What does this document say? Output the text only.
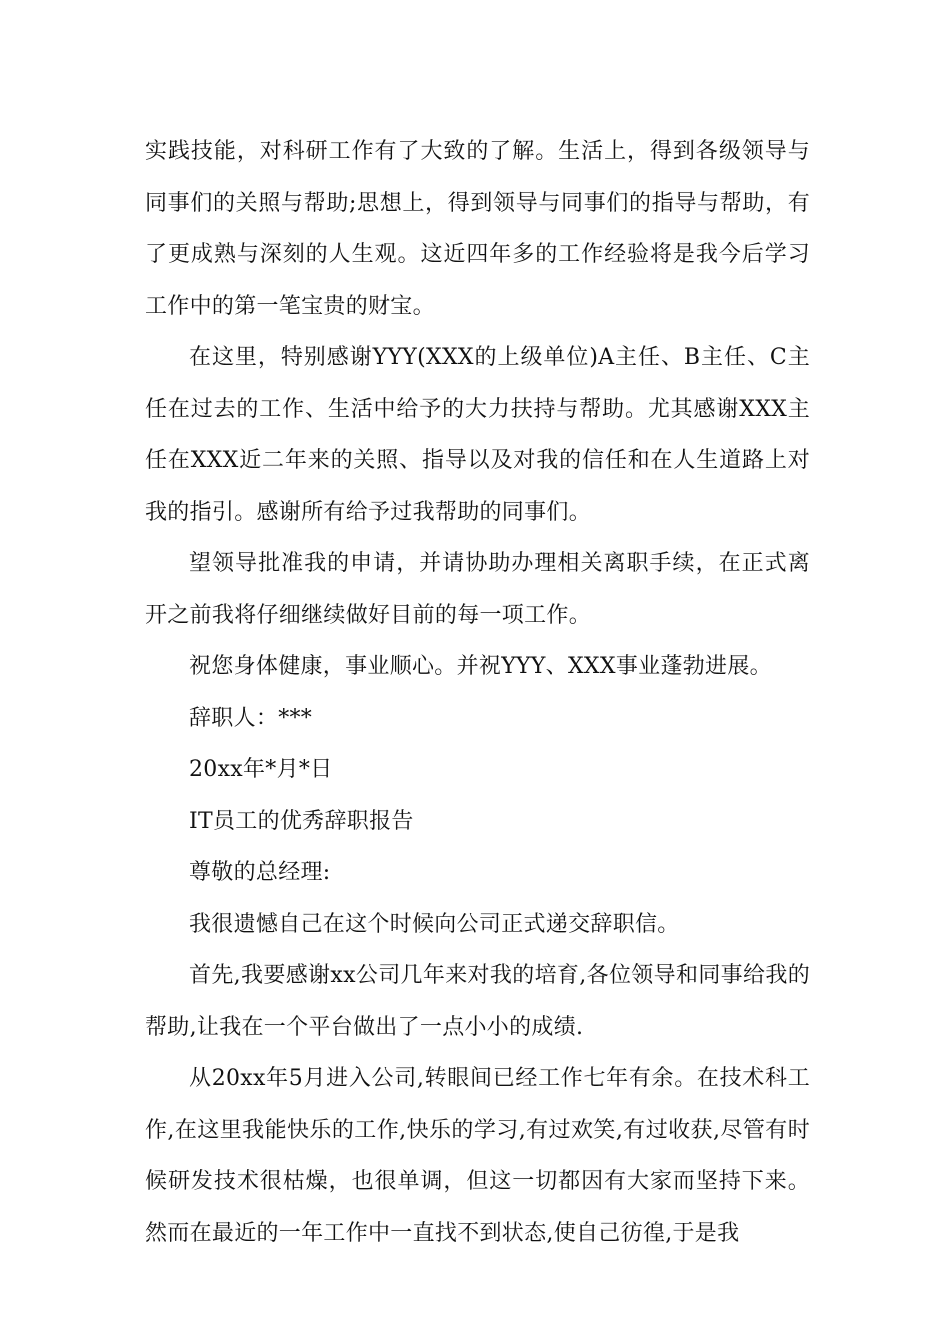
实践技能，对科研工作有了大致的了解。生活上，得到各级领导与同事们的关照与帮助;思想上，得到领导与同事们的指导与帮助，有了更成熟与深刻的人生观。这近四年多的工作经验将是我今后学习工作中的第一笔宝贵的财宝。

在这里，特别感谢YYY(XXX的上级单位)A主任、B主任、C主任在过去的工作、生活中给予的大力扶持与帮助。尤其感谢XXX主任在XXX近二年来的关照、指导以及对我的信任和在人生道路上对我的指引。感谢所有给予过我帮助的同事们。

望领导批准我的申请，并请协助办理相关离职手续，在正式离开之前我将仔细继续做好目前的每一项工作。

祝您身体健康，事业顺心。并祝YYY、XXX事业蓬勃进展。

辞职人：***

20xx年*月*日

IT员工的优秀辞职报告

尊敬的总经理:

我很遗憾自己在这个时候向公司正式递交辞职信。

首先,我要感谢xx公司几年来对我的培育,各位领导和同事给我的帮助,让我在一个平台做出了一点小小的成绩.

从20xx年5月进入公司,转眼间已经工作七年有余。在技术科工作,在这里我能快乐的工作,快乐的学习,有过欢笑,有过收获,尽管有时候研发技术很枯燥，也很单调，但这一切都因有大家而坚持下来。然而在最近的一年工作中一直找不到状态,使自己彷徨,于是我
